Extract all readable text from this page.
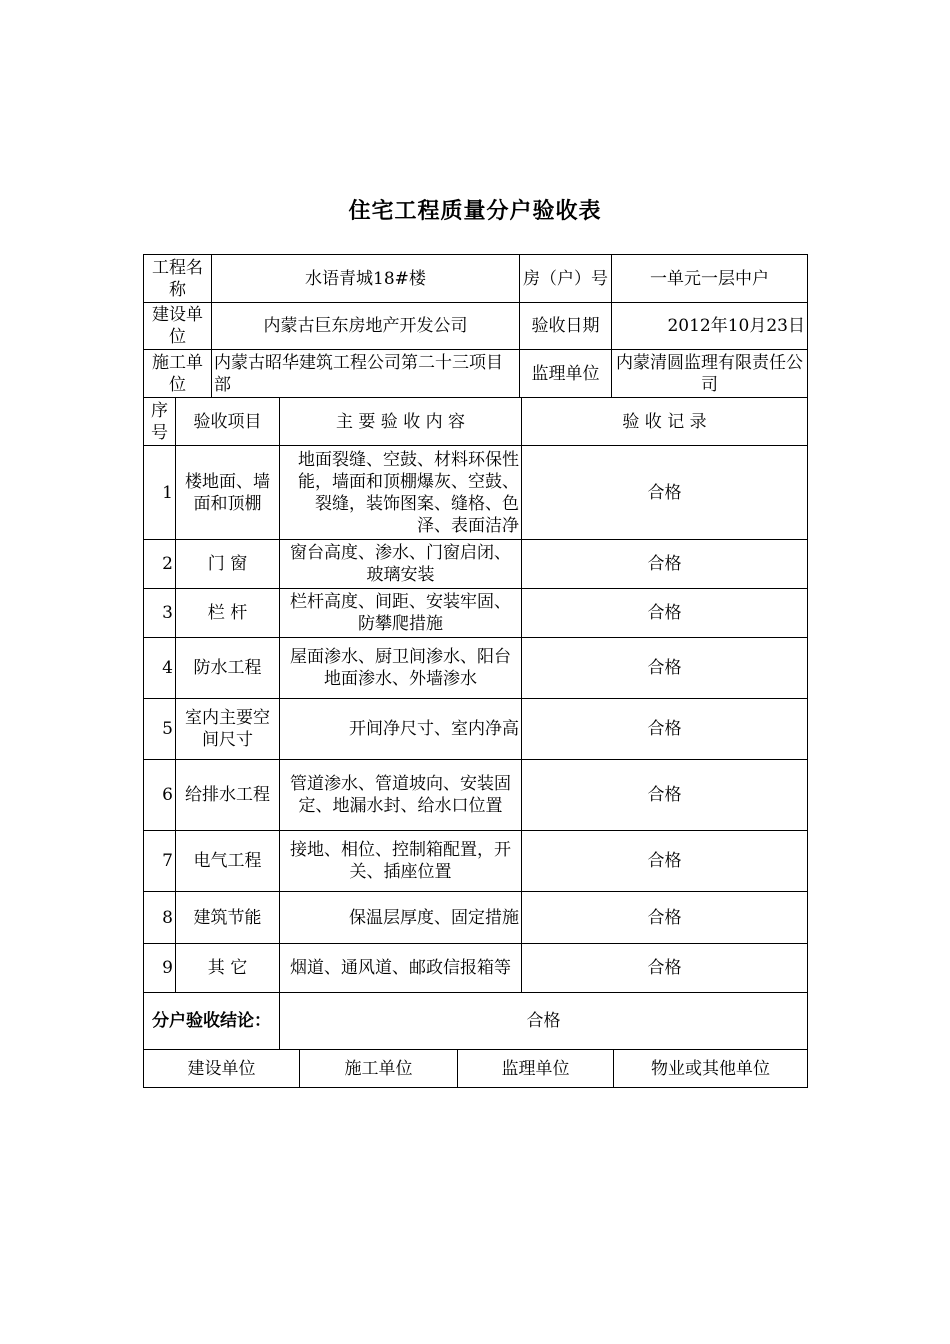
住宅工程质量分户验收表
工程名称	水语青城18#楼	房（户）号	一单元一层中户
建设单位	内蒙古巨东房地产开发公司	验收日期	2012年10月23日
施工单位	内蒙古昭华建筑工程公司第二十三项目部	监理单位	内蒙清圆监理有限责任公司
序号	验收项目	主 要 验 收 内 容	验 收 记 录
1	楼地面、墙面和顶棚	地面裂缝、空鼓、材料环保性能，墙面和顶棚爆灰、空鼓、裂缝，装饰图案、缝格、色泽、表面洁净	合格
2	门 窗	窗台高度、渗水、门窗启闭、玻璃安装	合格
3	栏 杆	栏杆高度、间距、安装牢固、防攀爬措施	合格
4	防水工程	屋面渗水、厨卫间渗水、阳台地面渗水、外墙渗水	合格
5	室内主要空间尺寸	开间净尺寸、室内净高	合格
6	给排水工程	管道渗水、管道坡向、安装固定、地漏水封、给水口位置	合格
7	电气工程	接地、相位、控制箱配置，开关、插座位置	合格
8	建筑节能	保温层厚度、固定措施	合格
9	其 它	烟道、通风道、邮政信报箱等	合格
分户验收结论：		合格	
建设单位	施工单位	监理单位	物业或其他单位
